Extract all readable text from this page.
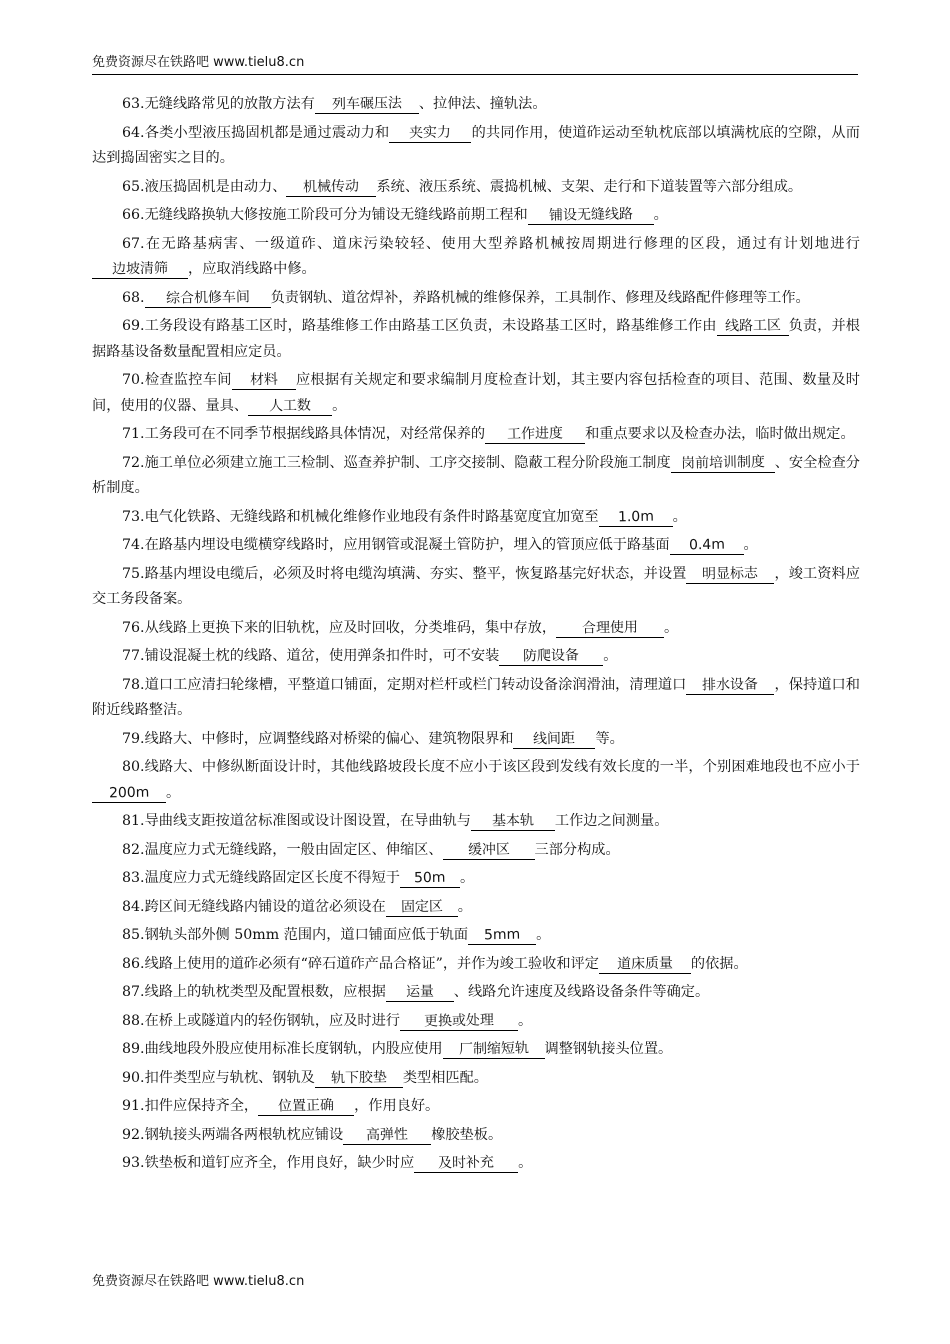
免费资源尽在铁路吧 www.tielu8.cn

63.无缝线路常见的放散方法有 列车碾压法 、拉伸法、撞轨法。

64.各类小型液压捣固机都是通过震动力和 夹实力 的共同作用，使道砟运动至轨枕底部以填满枕底的空隙，从而达到捣固密实之目的。

65.液压捣固机是由动力、 机械传动 系统、液压系统、震捣机械、支架、走行和下道装置等六部分组成。

66.无缝线路换轨大修按施工阶段可分为铺设无缝线路前期工程和 铺设无缝线路 。

67.在无路基病害、一级道砟、道床污染较轻、使用大型养路机械按周期进行修理的区段，通过有计划地进行边坡清筛 ，应取消线路中修。

68. 综合机修车间 负责钢轨、道岔焊补，养路机械的维修保养，工具制作、修理及线路配件修理等工作。

69.工务段设有路基工区时，路基维修工作由路基工区负责，未设路基工区时，路基维修工作由 线路工区 负责，并根据路基设备数量配置相应定员。

70.检查监控车间 材料 应根据有关规定和要求编制月度检查计划，其主要内容包括检查的项目、范围、数量及时间，使用的仪器、量具、 人工数 。

71.工务段可在不同季节根据线路具体情况，对经常保养的 工作进度 和重点要求以及检查办法，临时做出规定。

72.施工单位必须建立施工三检制、巡查养护制、工序交接制、隐蔽工程分阶段施工制度 岗前培训制度 、安全检查分析制度。

73.电气化铁路、无缝线路和机械化维修作业地段有条件时路基宽度宜加宽至 1.0m 。

74.在路基内埋设电缆横穿线路时，应用钢管或混凝土管防护，埋入的管顶应低于路基面 0.4m 。

75.路基内埋设电缆后，必须及时将电缆沟填满、夯实、整平，恢复路基完好状态，并设置 明显标志 ，竣工资料应交工务段备案。

76.从线路上更换下来的旧轨枕，应及时回收，分类堆码，集中存放， 合理使用 。

77.铺设混凝土枕的线路、道岔，使用弹条扣件时，可不安装 防爬设备 。

78.道口工应清扫轮缘槽，平整道口铺面，定期对栏杆或栏门转动设备涂润滑油，清理道口 排水设备 ，保持道口和附近线路整洁。

79.线路大、中修时，应调整线路对桥梁的偏心、建筑物限界和 线间距 等。

80.线路大、中修纵断面设计时，其他线路坡段长度不应小于该区段到发线有效长度的一半，个别困难地段也不应小于200m 。

81.导曲线支距按道岔标准图或设计图设置，在导曲轨与 基本轨 工作边之间测量。

82.温度应力式无缝线路，一般由固定区、伸缩区、 缓冲区 三部分构成。

83.温度应力式无缝线路固定区长度不得短于 50m 。

84.跨区间无缝线路内铺设的道岔必须设在 固定区 。

85.钢轨头部外侧 50mm 范围内，道口铺面应低于轨面 5mm 。

86.线路上使用的道砟必须有“碎石道砟产品合格证”，并作为竣工验收和评定 道床质量 的依据。

87.线路上的轨枕类型及配置根数，应根据 运量 、线路允许速度及线路设备条件等确定。

88.在桥上或隧道内的轻伤钢轨，应及时进行 更换或处理 。

89.曲线地段外股应使用标准长度钢轨，内股应使用 厂制缩短轨 调整钢轨接头位置。

90.扣件类型应与轨枕、钢轨及 轨下胶垫 类型相匹配。

91.扣件应保持齐全， 位置正确 ，作用良好。

92.钢轨接头两端各两根轨枕应铺设 高弹性 橡胶垫板。

93.铁垫板和道钉应齐全，作用良好，缺少时应 及时补充 。

免费资源尽在铁路吧 www.tielu8.cn
